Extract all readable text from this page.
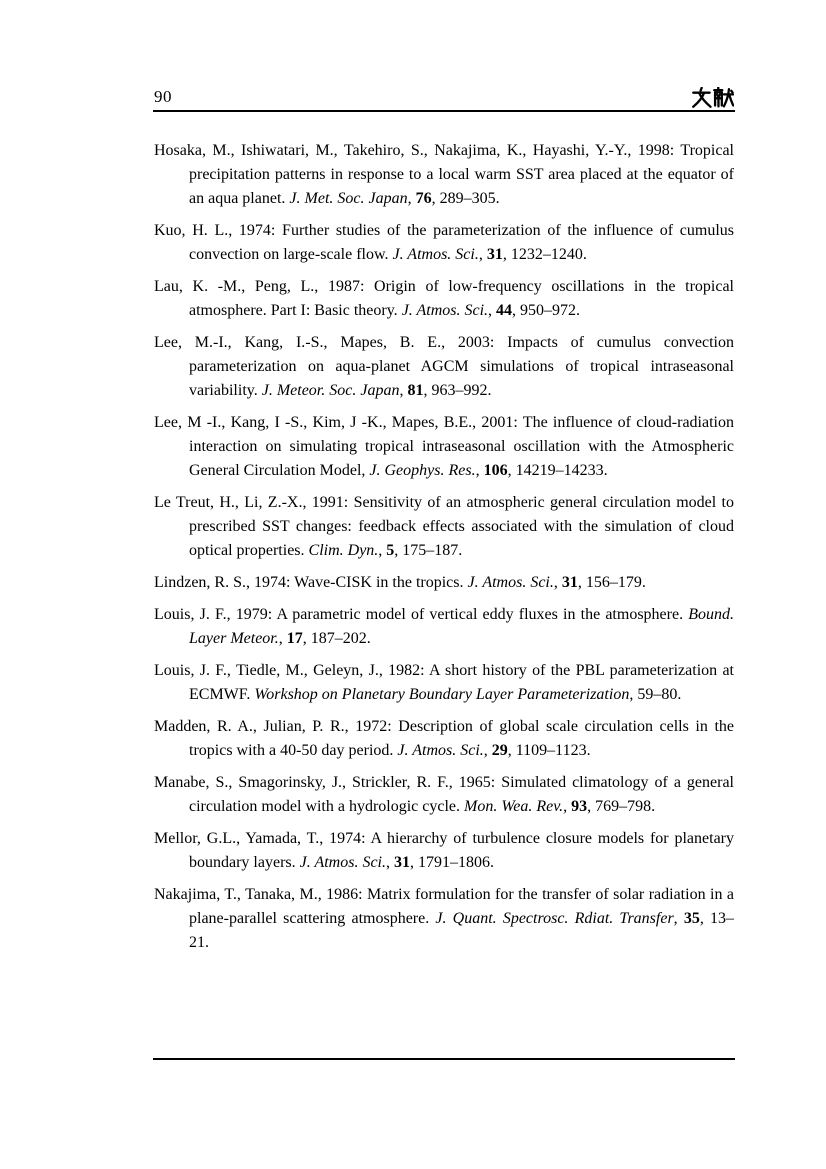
90

Hosaka, M., Ishiwatari, M., Takehiro, S., Nakajima, K., Hayashi, Y.-Y., 1998: Tropical precipitation patterns in response to a local warm SST area placed at the equator of an aqua planet. J. Met. Soc. Japan, 76, 289–305.

Kuo, H. L., 1974: Further studies of the parameterization of the influence of cumulus convection on large-scale flow. J. Atmos. Sci., 31, 1232–1240.

Lau, K. -M., Peng, L., 1987: Origin of low-frequency oscillations in the tropical atmosphere. Part I: Basic theory. J. Atmos. Sci., 44, 950–972.

Lee, M.-I., Kang, I.-S., Mapes, B. E., 2003: Impacts of cumulus convection parameterization on aqua-planet AGCM simulations of tropical intraseasonal variability. J. Meteor. Soc. Japan, 81, 963–992.

Lee, M -I., Kang, I -S., Kim, J -K., Mapes, B.E., 2001: The influence of cloud-radiation interaction on simulating tropical intraseasonal oscillation with the Atmospheric General Circulation Model, J. Geophys. Res., 106, 14219–14233.

Le Treut, H., Li, Z.-X., 1991: Sensitivity of an atmospheric general circulation model to prescribed SST changes: feedback effects associated with the simulation of cloud optical properties. Clim. Dyn., 5, 175–187.

Lindzen, R. S., 1974: Wave-CISK in the tropics. J. Atmos. Sci., 31, 156–179.

Louis, J. F., 1979: A parametric model of vertical eddy fluxes in the atmosphere. Bound. Layer Meteor., 17, 187–202.

Louis, J. F., Tiedle, M., Geleyn, J., 1982: A short history of the PBL parameterization at ECMWF. Workshop on Planetary Boundary Layer Parameterization, 59–80.

Madden, R. A., Julian, P. R., 1972: Description of global scale circulation cells in the tropics with a 40-50 day period. J. Atmos. Sci., 29, 1109–1123.

Manabe, S., Smagorinsky, J., Strickler, R. F., 1965: Simulated climatology of a general circulation model with a hydrologic cycle. Mon. Wea. Rev., 93, 769–798.

Mellor, G.L., Yamada, T., 1974: A hierarchy of turbulence closure models for planetary boundary layers. J. Atmos. Sci., 31, 1791–1806.

Nakajima, T., Tanaka, M., 1986: Matrix formulation for the transfer of solar radiation in a plane-parallel scattering atmosphere. J. Quant. Spectrosc. Rdiat. Transfer, 35, 13–21.
